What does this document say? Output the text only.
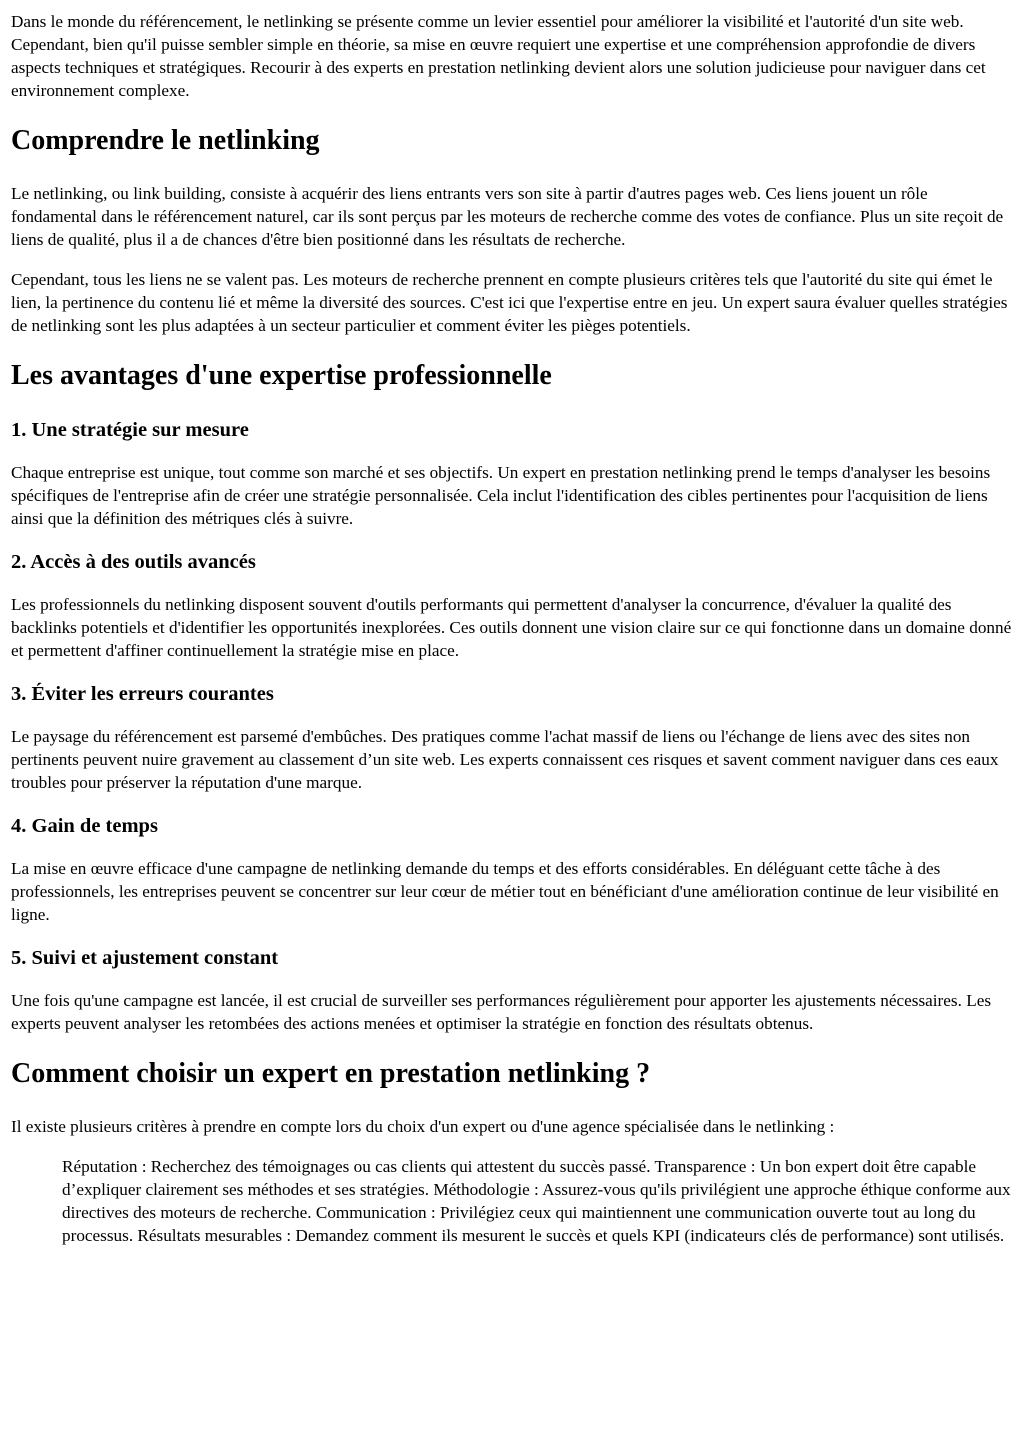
Dans le monde du référencement, le netlinking se présente comme un levier essentiel pour améliorer la visibilité et l'autorité d'un site web. Cependant, bien qu'il puisse sembler simple en théorie, sa mise en œuvre requiert une expertise et une compréhension approfondie de divers aspects techniques et stratégiques. Recourir à des experts en prestation netlinking devient alors une solution judicieuse pour naviguer dans cet environnement complexe.

Comprendre le netlinking

Le netlinking, ou link building, consiste à acquérir des liens entrants vers son site à partir d'autres pages web. Ces liens jouent un rôle fondamental dans le référencement naturel, car ils sont perçus par les moteurs de recherche comme des votes de confiance. Plus un site reçoit de liens de qualité, plus il a de chances d'être bien positionné dans les résultats de recherche.

Cependant, tous les liens ne se valent pas. Les moteurs de recherche prennent en compte plusieurs critères tels que l'autorité du site qui émet le lien, la pertinence du contenu lié et même la diversité des sources. C'est ici que l'expertise entre en jeu. Un expert saura évaluer quelles stratégies de netlinking sont les plus adaptées à un secteur particulier et comment éviter les pièges potentiels.

Les avantages d'une expertise professionnelle
1. Une stratégie sur mesure

Chaque entreprise est unique, tout comme son marché et ses objectifs. Un expert en prestation netlinking prend le temps d'analyser les besoins spécifiques de l'entreprise afin de créer une stratégie personnalisée. Cela inclut l'identification des cibles pertinentes pour l'acquisition de liens ainsi que la définition des métriques clés à suivre.

2. Accès à des outils avancés

Les professionnels du netlinking disposent souvent d'outils performants qui permettent d'analyser la concurrence, d'évaluer la qualité des backlinks potentiels et d'identifier les opportunités inexplorées. Ces outils donnent une vision claire sur ce qui fonctionne dans un domaine donné et permettent d'affiner continuellement la stratégie mise en place.

3. Éviter les erreurs courantes

Le paysage du référencement est parsemé d'embûches. Des pratiques comme l'achat massif de liens ou l'échange de liens avec des sites non pertinents peuvent nuire gravement au classement d’un site web. Les experts connaissent ces risques et savent comment naviguer dans ces eaux troubles pour préserver la réputation d'une marque.

4. Gain de temps

La mise en œuvre efficace d'une campagne de netlinking demande du temps et des efforts considérables. En déléguant cette tâche à des professionnels, les entreprises peuvent se concentrer sur leur cœur de métier tout en bénéficiant d'une amélioration continue de leur visibilité en ligne.

5. Suivi et ajustement constant

Une fois qu'une campagne est lancée, il est crucial de surveiller ses performances régulièrement pour apporter les ajustements nécessaires. Les experts peuvent analyser les retombées des actions menées et optimiser la stratégie en fonction des résultats obtenus.

Comment choisir un expert en prestation netlinking ?

Il existe plusieurs critères à prendre en compte lors du choix d'un expert ou d'une agence spécialisée dans le netlinking :

Réputation : Recherchez des témoignages ou cas clients qui attestent du succès passé. Transparence : Un bon expert doit être capable d’expliquer clairement ses méthodes et ses stratégies. Méthodologie : Assurez-vous qu'ils privilégient une approche éthique conforme aux directives des moteurs de recherche. Communication : Privilégiez ceux qui maintiennent une communication ouverte tout au long du processus. Résultats mesurables : Demandez comment ils mesurent le succès et quels KPI (indicateurs clés de performance) sont utilisés.
